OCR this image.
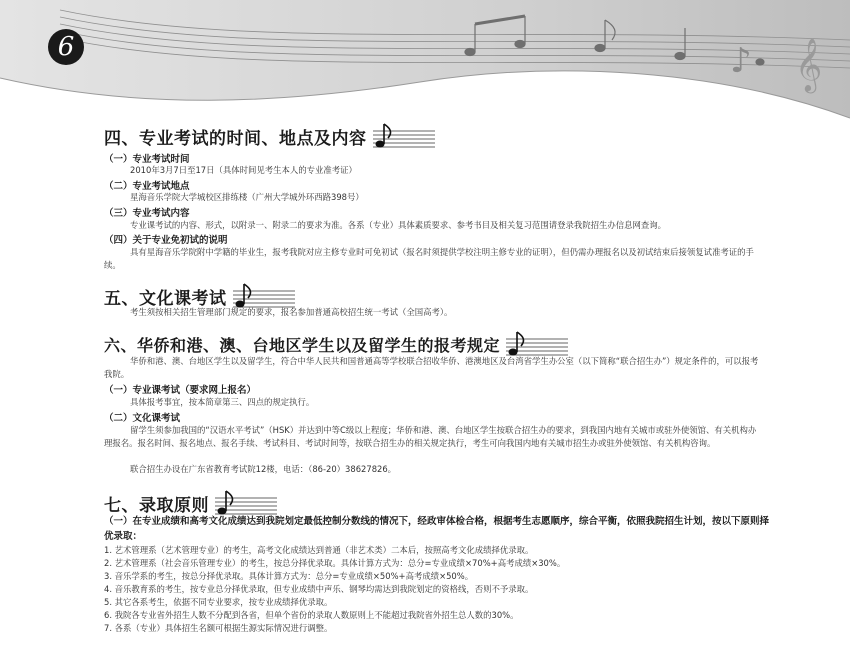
♪ 𝄞
6
四、专业考试的时间、地点及内容
（一）专业考试时间
2010年3月7日至17日（具体时间见考生本人的专业准考证）
（二）专业考试地点
星海音乐学院大学城校区排练楼（广州大学城外环西路398号）
（三）专业考试内容
专业课考试的内容、形式，以附录一、附录二的要求为准。各系（专业）具体素质要求、参考书目及相关复习范围请登录我院招生办信息网查询。
（四）关于专业免初试的说明
具有星海音乐学院附中学籍的毕业生，报考我院对应主修专业时可免初试（报名时须提供学校注明主修专业的证明），但仍需办理报名以及初试结束后接领复试准考证的手续。
五、文化课考试
考生须按相关招生管理部门规定的要求，报名参加普通高校招生统一考试（全国高考）。
六、华侨和港、澳、台地区学生以及留学生的报考规定
华侨和港、澳、台地区学生以及留学生，符合中华人民共和国普通高等学校联合招收华侨、港澳地区及台湾省学生办公室（以下简称“联合招生办”）规定条件的，可以报考我院。
（一）专业课考试（要求网上报名）
具体报考事宜，按本简章第三、四点的规定执行。
（二）文化课考试
留学生须参加我国的“汉语水平考试”（HSK）并达到中等C级以上程度；华侨和港、澳、台地区学生按联合招生办的要求，到我国内地有关城市或驻外使领馆、有关机构办理报名。报名时间、报名地点、报名手续、考试科目、考试时间等，按联合招生办的相关规定执行，考生可向我国内地有关城市招生办或驻外使领馆、有关机构咨询。
联合招生办设在广东省教育考试院12楼，电话：（86-20）38627826。
七、录取原则
（一）在专业成绩和高考文化成绩达到我院划定最低控制分数线的情况下，经政审体检合格，根据考生志愿顺序，综合平衡，依照我院招生计划，按以下原则择优录取：
1. 艺术管理系（艺术管理专业）的考生，高考文化成绩达到普通（非艺术类）二本后，按照高考文化成绩择优录取。
2. 艺术管理系（社会音乐管理专业）的考生，按总分择优录取。具体计算方式为：总分=专业成绩×70%+高考成绩×30%。
3. 音乐学系的考生，按总分择优录取。具体计算方式为：总分=专业成绩×50%+高考成绩×50%。
4. 音乐教育系的考生，按专业总分择优录取，但专业成绩中声乐、钢琴均需达到我院划定的资格线，否则不予录取。
5. 其它各系考生，依据不同专业要求，按专业成绩择优录取。
6. 我院各专业省外招生人数不分配到各省，但单个省份的录取人数原则上不能超过我院省外招生总人数的30%。
7. 各系（专业）具体招生名额可根据生源实际情况进行调整。
